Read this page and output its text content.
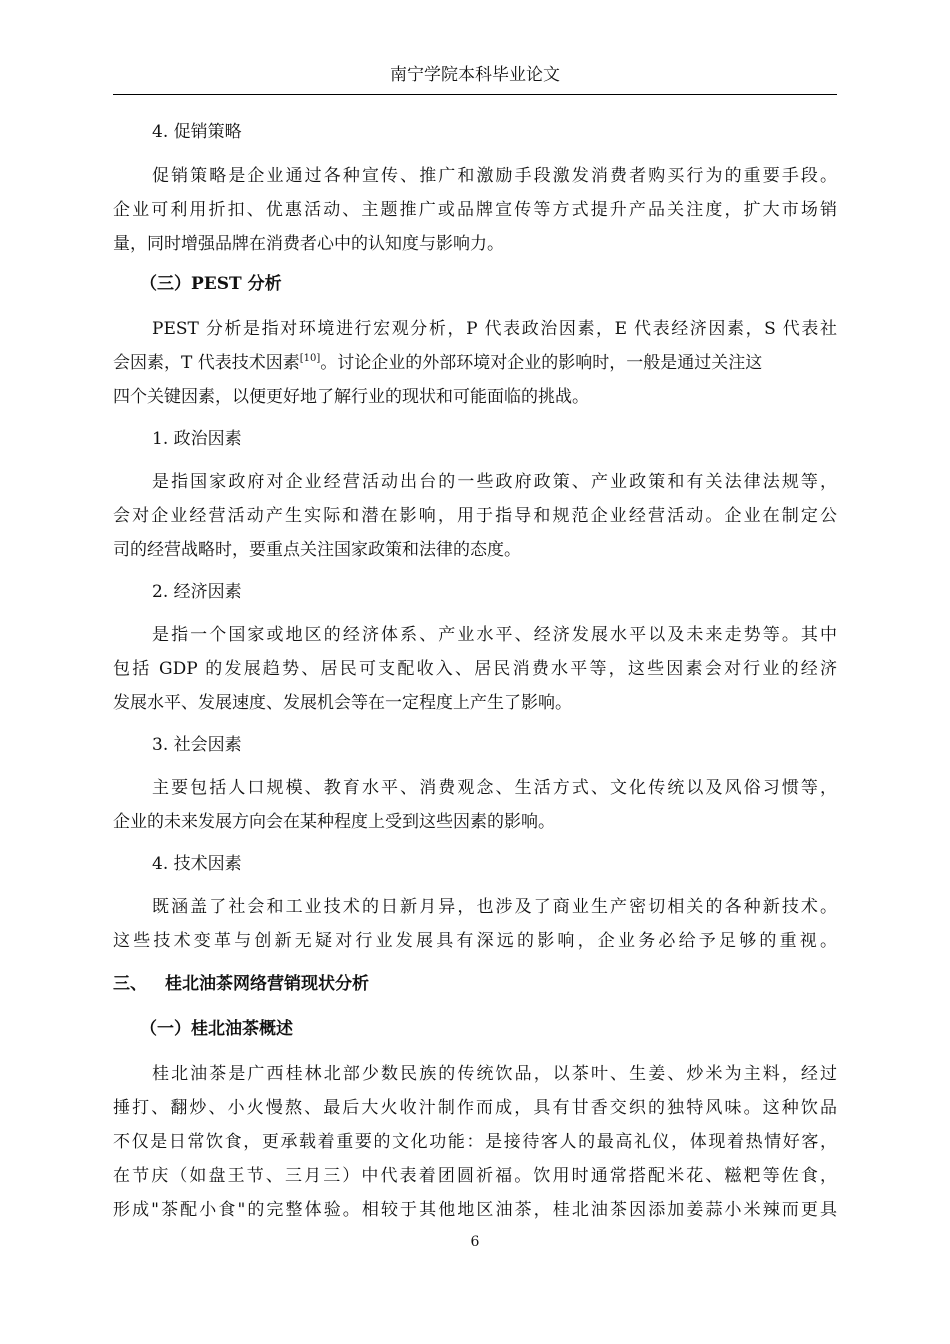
南宁学院本科毕业论文
4. 促销策略
促销策略是企业通过各种宣传、推广和激励手段激发消费者购买行为的重要手段。
企业可利用折扣、优惠活动、主题推广或品牌宣传等方式提升产品关注度，扩大市场销
量，同时增强品牌在消费者心中的认知度与影响力。
（三）PEST 分析
PEST 分析是指对环境进行宏观分析，P 代表政治因素，E 代表经济因素，S 代表社
会因素，T 代表技术因素[10]。讨论企业的外部环境对企业的影响时，一般是通过关注这
四个关键因素，以便更好地了解行业的现状和可能面临的挑战。
1. 政治因素
是指国家政府对企业经营活动出台的一些政府政策、产业政策和有关法律法规等，
会对企业经营活动产生实际和潜在影响，用于指导和规范企业经营活动。企业在制定公
司的经营战略时，要重点关注国家政策和法律的态度。
2. 经济因素
是指一个国家或地区的经济体系、产业水平、经济发展水平以及未来走势等。其中
包括 GDP 的发展趋势、居民可支配收入、居民消费水平等，这些因素会对行业的经济
发展水平、发展速度、发展机会等在一定程度上产生了影响。
3. 社会因素
主要包括人口规模、教育水平、消费观念、生活方式、文化传统以及风俗习惯等，
企业的未来发展方向会在某种程度上受到这些因素的影响。
4. 技术因素
既涵盖了社会和工业技术的日新月异，也涉及了商业生产密切相关的各种新技术。
这些技术变革与创新无疑对行业发展具有深远的影响，企业务必给予足够的重视。
三、 桂北油茶网络营销现状分析
（一）桂北油茶概述
桂北油茶是广西桂林北部少数民族的传统饮品，以茶叶、生姜、炒米为主料，经过
捶打、翻炒、小火慢熬、最后大火收汁制作而成，具有甘香交织的独特风味。这种饮品
不仅是日常饮食，更承载着重要的文化功能：是接待客人的最高礼仪，体现着热情好客，
在节庆（如盘王节、三月三）中代表着团圆祈福。饮用时通常搭配米花、糍粑等佐食，
形成"茶配小食"的完整体验。相较于其他地区油茶，桂北油茶因添加姜蒜小米辣而更具
6
